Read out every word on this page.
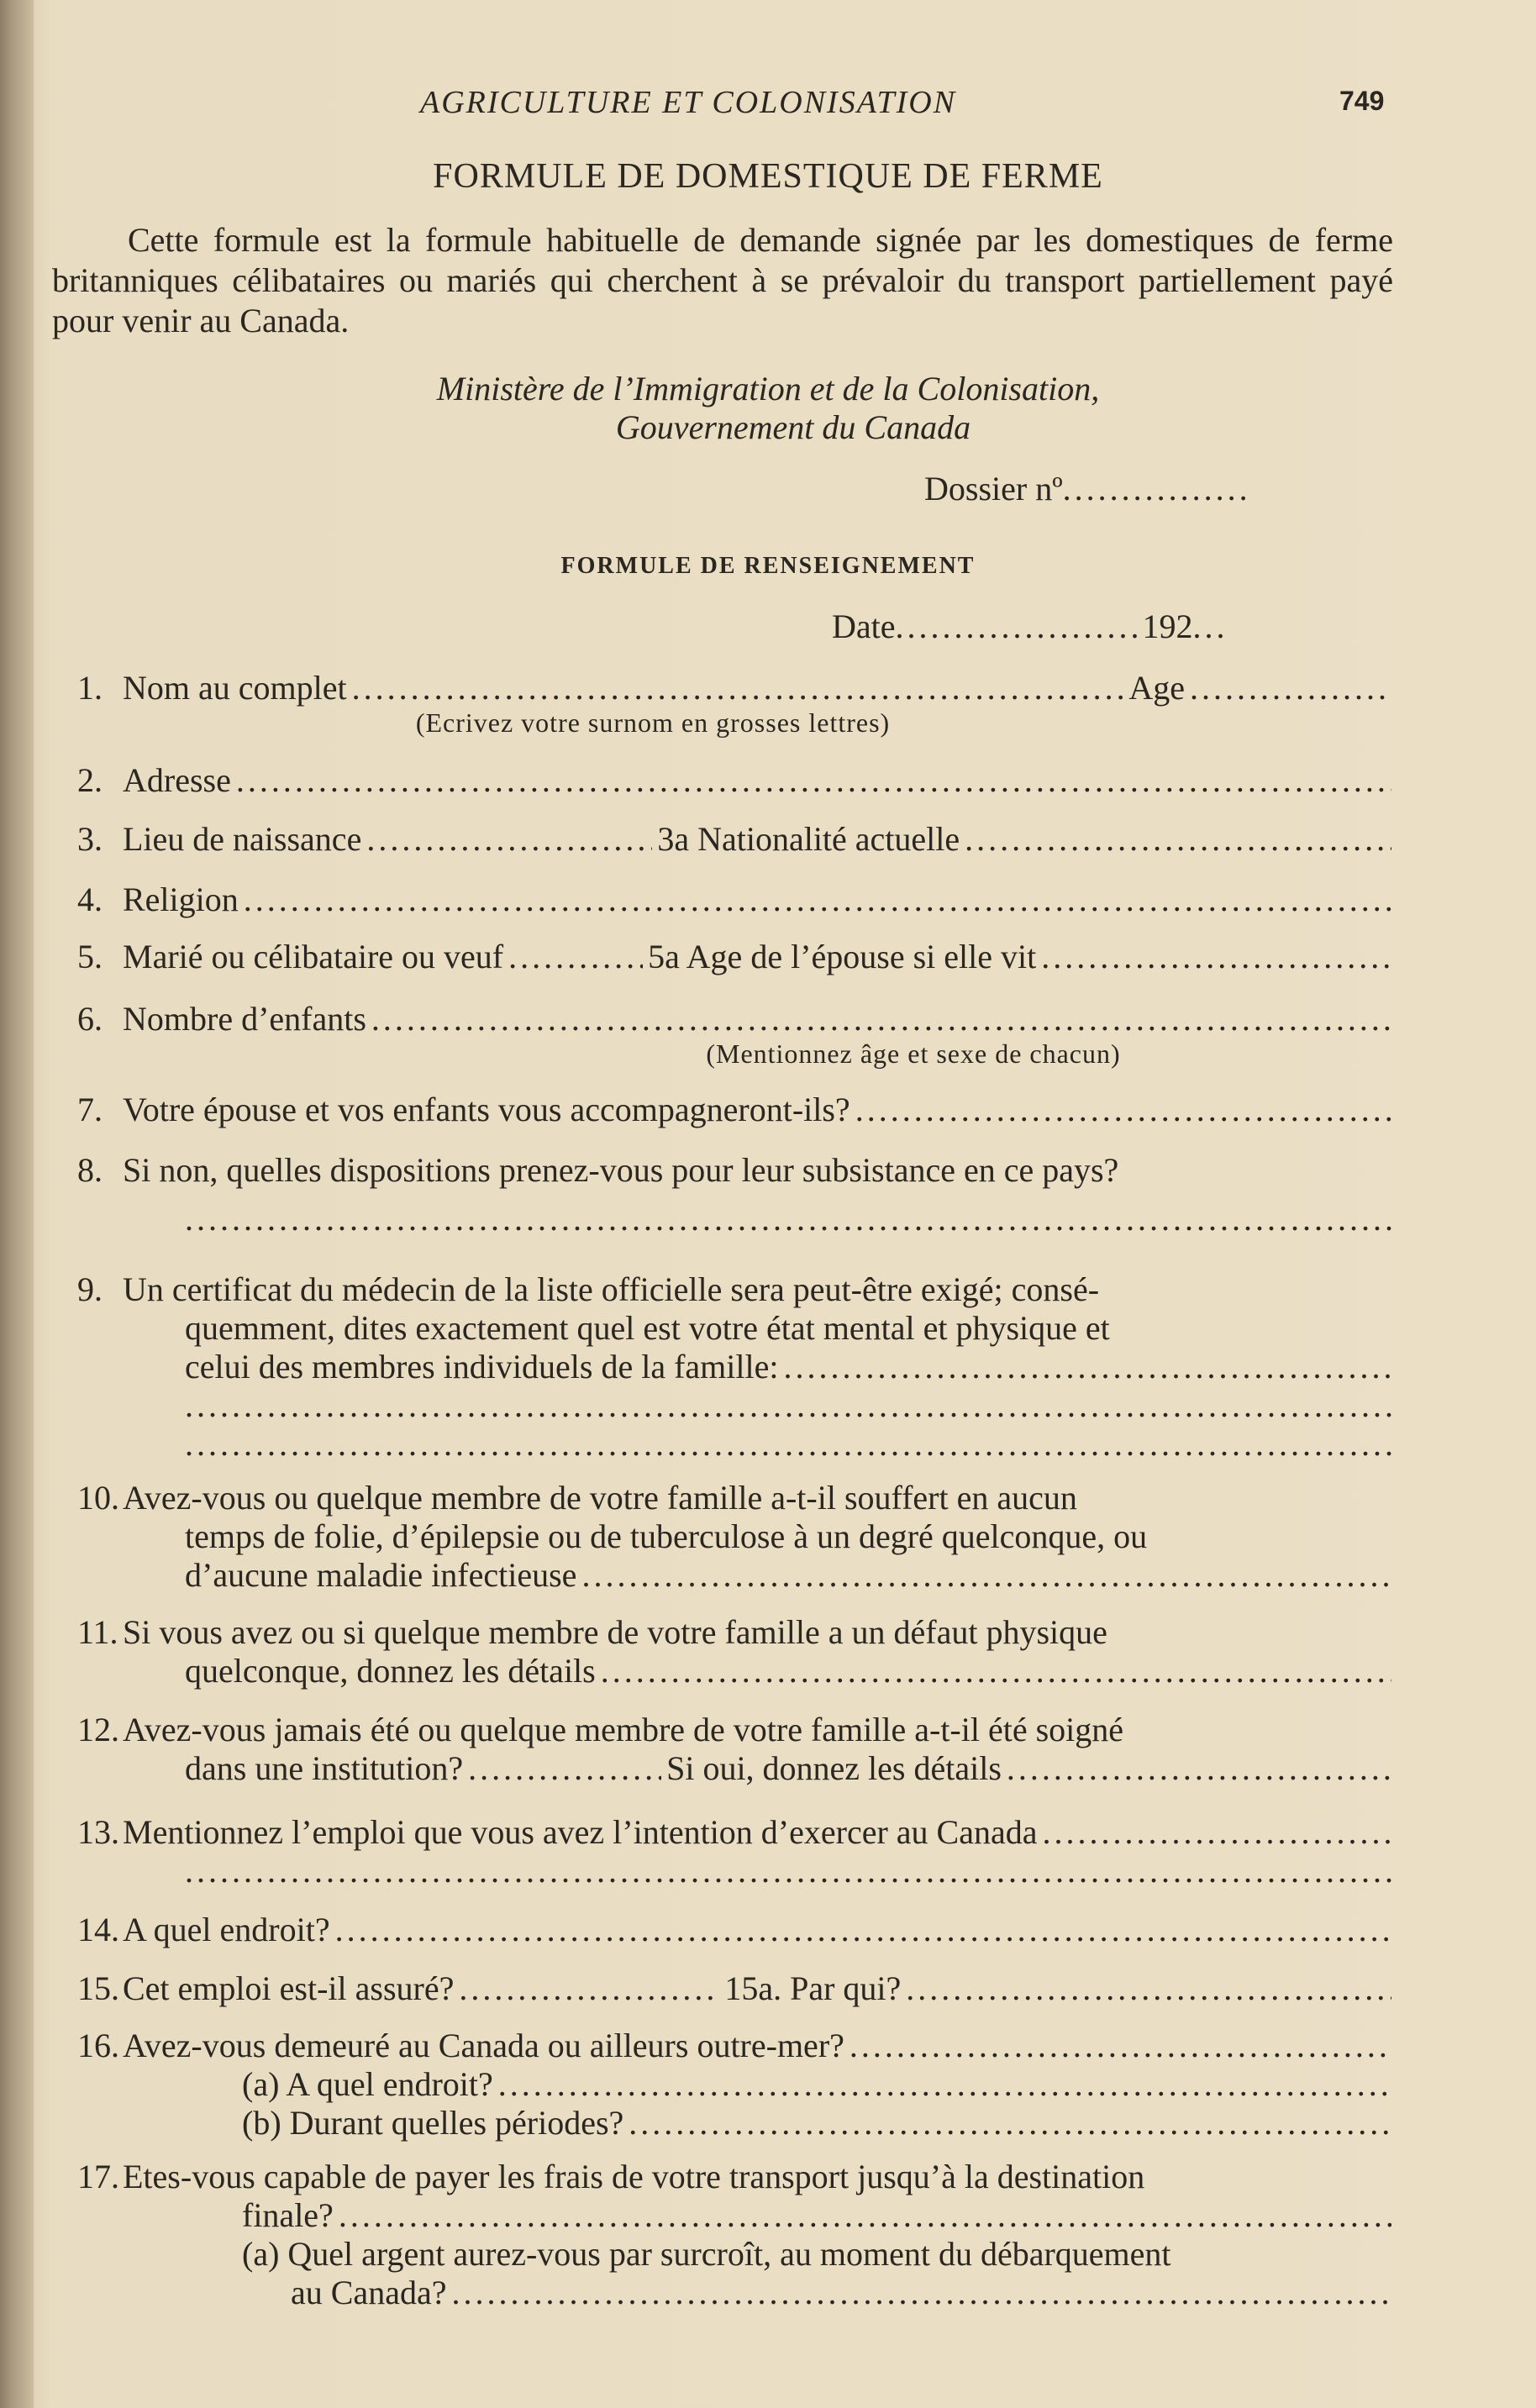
AGRICULTURE ET COLONISATION	749
FORMULE DE DOMESTIQUE DE FERME
Cette formule est la formule habituelle de demande signée par les domestiques de ferme britanniques célibataires ou mariés qui cherchent à se prévaloir du transport partiellement payé pour venir au Canada.
Ministère de l’Immigration et de la Colonisation,
Gouvernement du Canada
Dossier nº................
FORMULE DE RENSEIGNEMENT
Date.....................192...
1. Nom au complet .....	Age
.....
(Ecrivez votre surnom en grosses lettres)
2. Adresse
.....
3. Lieu de naissance .....	3a Nationalité actuelle
.....
4. Religion
.....
5. Marié ou célibataire ou veuf .....	5a Age de l’épouse si elle vit
.....
6. Nombre d’enfants
.....
(Mentionnez âge et sexe de chacun)
7. Votre épouse et vos enfants vous accompagneront-ils?
.....
8. Si non, quelles dispositions prenez-vous pour leur subsistance en ce pays?
.....
9. Un certificat du médecin de la liste officielle sera peut-être exigé; consé-
quemment, dites exactement quel est votre état mental et physique et
celui des membres individuels de la famille:
.....
.....
.....
10. Avez-vous ou quelque membre de votre famille a-t-il souffert en aucun
temps de folie, d’épilepsie ou de tuberculose à un degré quelconque, ou
d’aucune maladie infectieuse
.....
11. Si vous avez ou si quelque membre de votre famille a un défaut physique
quelconque, donnez les détails
.....
12. Avez-vous jamais été ou quelque membre de votre famille a-t-il été soigné
dans une institution? .....	Si oui, donnez les détails
.....
13. Mentionnez l’emploi que vous avez l’intention d’exercer au Canada
.....
.....
14. A quel endroit?
.....
15. Cet emploi est-il assuré? .....	15a. Par qui?
.....
16. Avez-vous demeuré au Canada ou ailleurs outre-mer?
.....
(a) A quel endroit?
.....
(b) Durant quelles périodes?
.....
17. Etes-vous capable de payer les frais de votre transport jusqu’à la destination
finale?
.....
(a) Quel argent aurez-vous par surcroît, au moment du débarquement
au Canada?
.....
